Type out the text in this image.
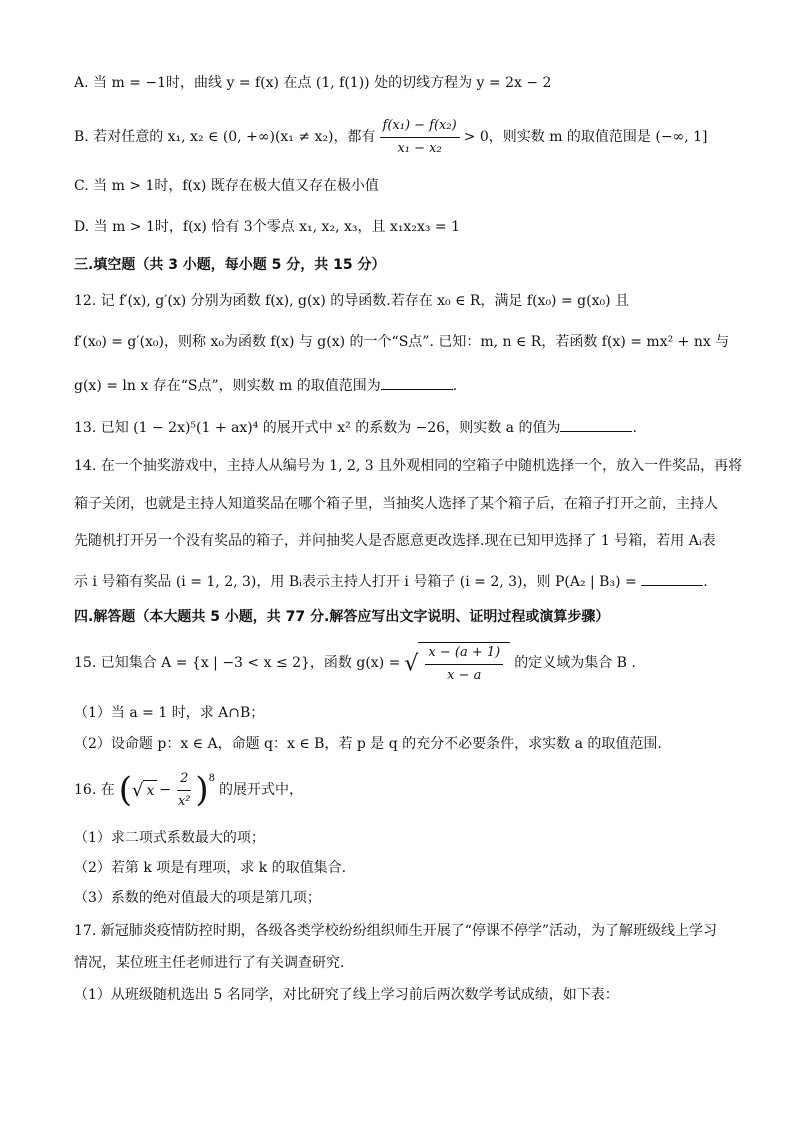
A. 当 m = −1时，曲线 y = f(x) 在点 (1, f(1)) 处的切线方程为 y = 2x − 2
B. 若对任意的 x₁, x₂ ∈ (0, +∞)(x₁ ≠ x₂)，都有 $\frac{\text{f(x₁) − f(x₂)}}{\text{x₁ − x₂}} > 0$，则实数 m 的取值范围是 (−∞, 1]
C. 当 m > 1时，f(x) 既存在极大值又存在极小值
D. 当 m > 1时，f(x) 恰有 3个零点 x₁, x₂, x₃，且 x₁x₂x₃ = 1
三.填空题（共 3 小题，每小题 5 分，共 15 分）
12. 记 f′(x), g′(x) 分别为函数 f(x), g(x) 的导函数.若存在 x₀ ∈ R，满足 f(x₀) = g(x₀) 且
f′(x₀) = g′(x₀)，则称 x₀为函数 f(x) 与 g(x) 的一个“S点”. 已知：m, n ∈ R，若函数 f(x) = mx² + nx 与
g(x) = ln x 存在“S点”，则实数 m 的取值范围为	.
13. 已知 (1 − 2x)⁵(1 + ax)⁴ 的展开式中 x² 的系数为 −26，则实数 a 的值为	.
14. 在一个抽奖游戏中，主持人从编号为 1, 2, 3 且外观相同的空箱子中随机选择一个，放入一件奖品，再将
箱子关闭，也就是主持人知道奖品在哪个箱子里，当抽奖人选择了某个箱子后，在箱子打开之前，主持人
先随机打开另一个没有奖品的箱子，并问抽奖人是否愿意更改选择.现在已知甲选择了 1 号箱，若用 Aᵢ表
示 i 号箱有奖品 (i = 1, 2, 3)，用 Bᵢ表示主持人打开 i 号箱子 (i = 2, 3)，则 P(A₂ | B₃) =	.
四.解答题（本大题共 5 小题，共 77 分.解答应写出文字说明、证明过程或演算步骤）
15. 已知集合 A = {x | −3 < x ≤ 2}，函数 g(x) = √ $\frac{x - (a + 1)}{x - a}$ 的定义域为集合 B .
（1）当 a = 1 时，求 A∩B；
（2）设命题 p：x ∈ A，命题 q：x ∈ B，若 p 是 q 的充分不必要条件，求实数 a 的取值范围.
16. 在 ( √ $x - \frac{2}{\text{x²}}$ ) 8
的展开式中，
（1）求二项式系数最大的项；
（2）若第 k 项是有理项，求 k 的取值集合.
（3）系数的绝对值最大的项是第几项；
17. 新冠肺炎疫情防控时期，各级各类学校纷纷组织师生开展了“停课不停学”活动，为了解班级线上学习
情况，某位班主任老师进行了有关调查研究.
（1）从班级随机选出 5 名同学，对比研究了线上学习前后两次数学考试成绩，如下表：
